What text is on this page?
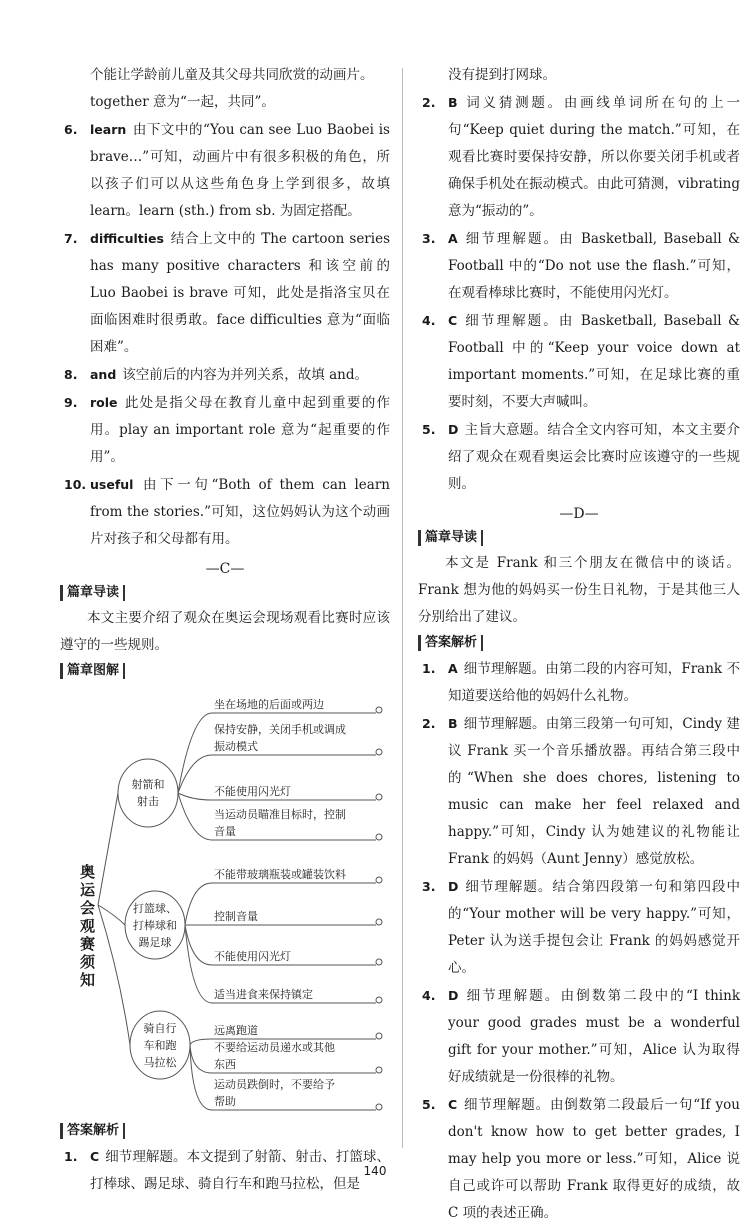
个能让学龄前儿童及其父母共同欣赏的动画片。

together 意为“一起，共同”。

6. learn 由下文中的“You can see Luo Baobei is brave…”可知，动画片中有很多积极的角色，所以孩子们可以从这些角色身上学到很多，故填learn。learn (sth.) from sb. 为固定搭配。

7. difficulties 结合上文中的 The cartoon series has many positive characters 和该空前的 Luo Baobei is brave 可知，此处是指洛宝贝在面临困难时很勇敢。face difficulties 意为“面临困难”。

8. and 该空前后的内容为并列关系，故填 and。

9. role 此处是指父母在教育儿童中起到重要的作用。play an important role 意为“起重要的作用”。

10. useful 由下一句“Both of them can learn from the stories.”可知，这位妈妈认为这个动画片对孩子和父母都有用。

—C—
篇章导读

本文主要介绍了观众在奥运会现场观看比赛时应该遵守的一些规则。

篇章图解
奥运会观赛须知
射箭和
射击
坐在场地的后面或两边
保持安静，关闭手机或调成
振动模式
不能使用闪光灯
当运动员瞄准目标时，控制
音量
打篮球、
打棒球和
踢足球
不能带玻璃瓶装或罐装饮料
控制音量
不能使用闪光灯
适当进食来保持镇定
骑自行
车和跑
马拉松
远离跑道
不要给运动员递水或其他
东西
运动员跌倒时，不要给予
帮助
答案解析

1. C 细节理解题。本文提到了射箭、射击、打篮球、打棒球、踢足球、骑自行车和跑马拉松，但是

没有提到打网球。

2. B 词义猜测题。由画线单词所在句的上一句“Keep quiet during the match.”可知，在观看比赛时要保持安静，所以你要关闭手机或者确保手机处在振动模式。由此可猜测，vibrating 意为“振动的”。

3. A 细节理解题。由 Basketball, Baseball & Football 中的“Do not use the flash.”可知，在观看棒球比赛时，不能使用闪光灯。

4. C 细节理解题。由 Basketball, Baseball & Football 中的“Keep your voice down at important moments.”可知，在足球比赛的重要时刻，不要大声喊叫。

5. D 主旨大意题。结合全文内容可知，本文主要介绍了观众在观看奥运会比赛时应该遵守的一些规则。

—D—
篇章导读

本文是 Frank 和三个朋友在微信中的谈话。Frank 想为他的妈妈买一份生日礼物，于是其他三人分别给出了建议。

答案解析

1. A 细节理解题。由第二段的内容可知，Frank 不知道要送给他的妈妈什么礼物。

2. B 细节理解题。由第三段第一句可知，Cindy 建议 Frank 买一个音乐播放器。再结合第三段中的“When she does chores, listening to music can make her feel relaxed and happy.”可知，Cindy 认为她建议的礼物能让 Frank 的妈妈（Aunt Jenny）感觉放松。

3. D 细节理解题。结合第四段第一句和第四段中的“Your mother will be very happy.”可知，Peter 认为送手提包会让 Frank 的妈妈感觉开心。

4. D 细节理解题。由倒数第二段中的“I think your good grades must be a wonderful gift for your mother.”可知，Alice 认为取得好成绩就是一份很棒的礼物。

5. C 细节理解题。由倒数第二段最后一句“If you don't know how to get better grades, I may help you more or less.”可知，Alice 说自己或许可以帮助 Frank 取得更好的成绩，故 C 项的表述正确。

140
